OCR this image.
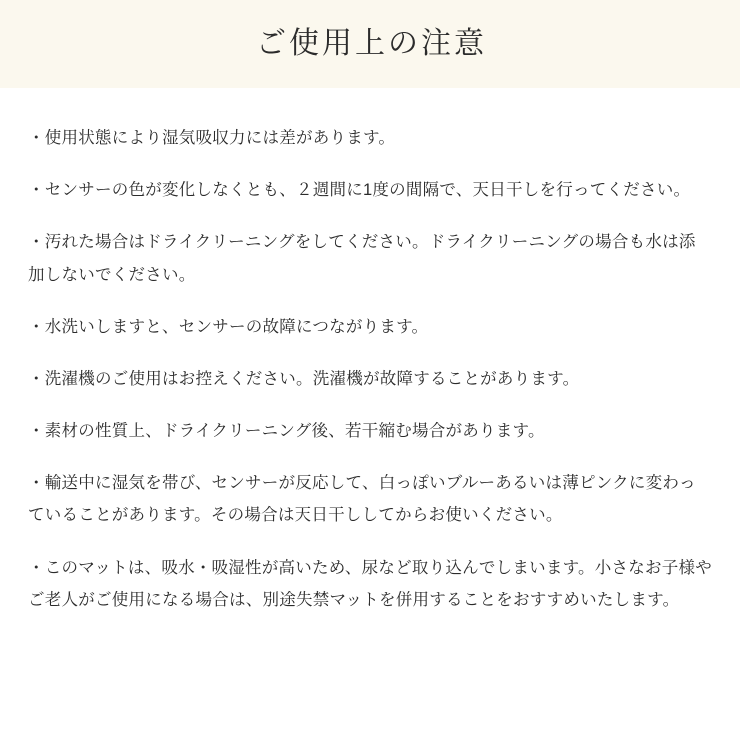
ご使用上の注意

・使用状態により湿気吸収力には差があります。

・センサーの色が変化しなくとも、２週間に1度の間隔で、天日干しを行ってください。

・汚れた場合はドライクリーニングをしてください。ドライクリーニングの場合も水は添加しないでください。

・水洗いしますと、センサーの故障につながります。

・洗濯機のご使用はお控えください。洗濯機が故障することがあります。

・素材の性質上、ドライクリーニング後、若干縮む場合があります。

・輸送中に湿気を帯び、センサーが反応して、白っぽいブルーあるいは薄ピンクに変わっていることがあります。その場合は天日干ししてからお使いください。

・このマットは、吸水・吸湿性が高いため、尿など取り込んでしまいます。小さなお子様やご老人がご使用になる場合は、別途失禁マットを併用することをおすすめいたします。
